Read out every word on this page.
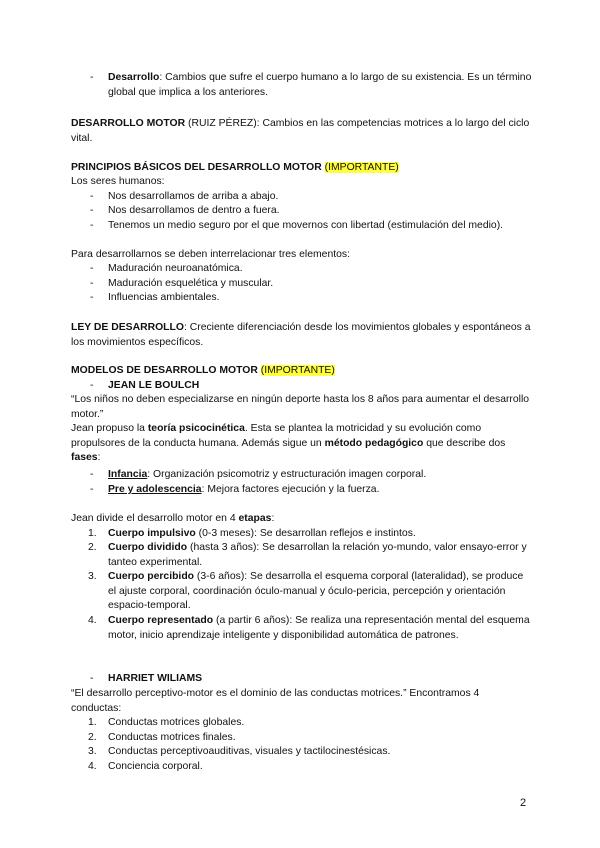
- Desarrollo: Cambios que sufre el cuerpo humano a lo largo de su existencia. Es un término global que implica a los anteriores.
DESARROLLO MOTOR (RUIZ PÉREZ): Cambios en las competencias motrices a lo largo del ciclo vital.
PRINCIPIOS BÁSICOS DEL DESARROLLO MOTOR (IMPORTANTE)
Los seres humanos:
- Nos desarrollamos de arriba a abajo.
- Nos desarrollamos de dentro a fuera.
- Tenemos un medio seguro por el que movernos con libertad (estimulación del medio).
Para desarrollarnos se deben interrelacionar tres elementos:
- Maduración neuroanatómica.
- Maduración esquelética y muscular.
- Influencias ambientales.
LEY DE DESARROLLO: Creciente diferenciación desde los movimientos globales y espontáneos a los movimientos específicos.
MODELOS DE DESARROLLO MOTOR (IMPORTANTE)
- JEAN LE BOULCH
“Los niños no deben especializarse en ningún deporte hasta los 8 años para aumentar el desarrollo motor.”
Jean propuso la teoría psicocinética. Esta se plantea la motricidad y su evolución como propulsores de la conducta humana. Además sigue un método pedagógico que describe dos fases:
- Infancia: Organización psicomotriz y estructuración imagen corporal.
- Pre y adolescencia: Mejora factores ejecución y la fuerza.
Jean divide el desarrollo motor en 4 etapas:
1.	Cuerpo impulsivo (0-3 meses): Se desarrollan reflejos e instintos.
2.	Cuerpo dividido (hasta 3 años): Se desarrollan la relación yo-mundo, valor ensayo-error y tanteo experimental.
3.	Cuerpo percibido (3-6 años): Se desarrolla el esquema corporal (lateralidad), se produce el ajuste corporal, coordinación óculo-manual y óculo-pericia, percepción y orientación espacio-temporal.
4.	Cuerpo representado (a partir 6 años): Se realiza una representación mental del esquema motor, inicio aprendizaje inteligente y disponibilidad automática de patrones.
- HARRIET WILIAMS
“El desarrollo perceptivo-motor es el dominio de las conductas motrices.” Encontramos 4 conductas:
1.	Conductas motrices globales.
2.	Conductas motrices finales.
3.	Conductas perceptivoauditivas, visuales y tactilocinestésicas.
4.	Conciencia corporal.
2
